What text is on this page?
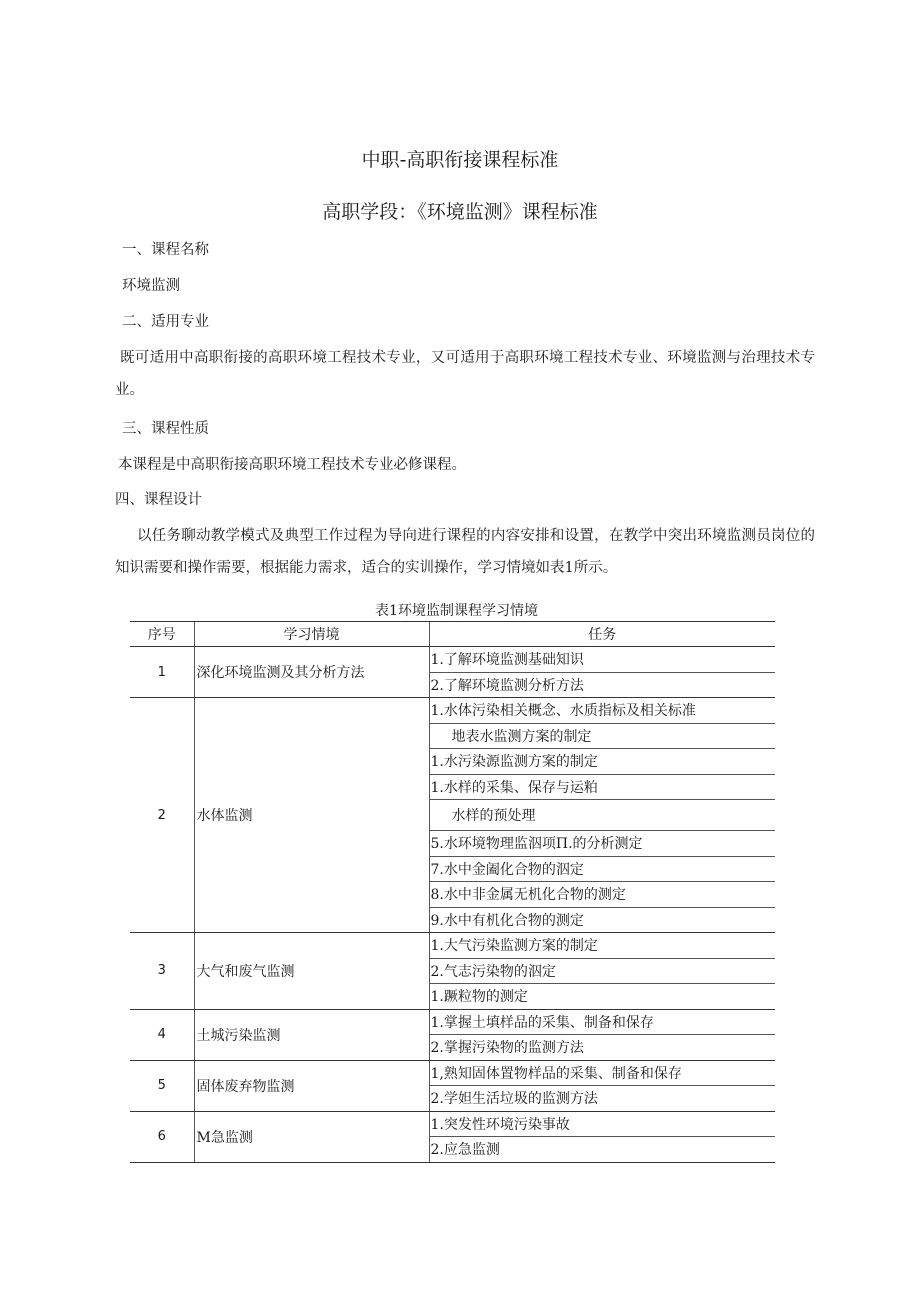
中职-高职衔接课程标准
高职学段：《环境监测》课程标准
一、课程名称
环境监测
二、适用专业
既可适用中高职衔接的高职环境工程技术专业，又可适用于高职环境工程技术专业、环境监测与治理技术专业。
三、课程性质
本课程是中高职衔接高职环境工程技术专业必修课程。
四、课程设计
以任务聊动教学模式及典型工作过程为导向进行课程的内容安排和设置，在教学中突出环境监测员岗位的知识需要和操作需要，根据能力需求，适合的实训操作，学习情境如表1所示。
表1环境监制课程学习情境
序号	学习情境	任务
1	深化环境监测及其分析方法	1.了解环境监测基础知识
		2.了解环境监测分析方法
2	水体监测	1.水体污染相关概念、水质指标及相关标准
		地表水监测方案的制定
		1.水污染源监测方案的制定
		1.水样的采集、保存与运粕
		水样的预处理
		5.水环境物理监泅项Π.的分析测定
		7.水中金阖化合物的泅定
		8.水中非金属无机化合物的测定
		9.水中有机化合物的测定
3	大气和废气监测	1.大气污染监测方案的制定
		2.气志污染物的泅定
		1.蹶粒物的测定
4	土城污染监测	1.掌握土填样品的采集、制备和保存
		2.掌握污染物的监测方法
5	固体废弃物监测	1,熟知固体置物样品的采集、制备和保存
		2.学妲生活垃圾的监测方法
6	M急监测	1.突发性环境污染事故
		2.应急监测
